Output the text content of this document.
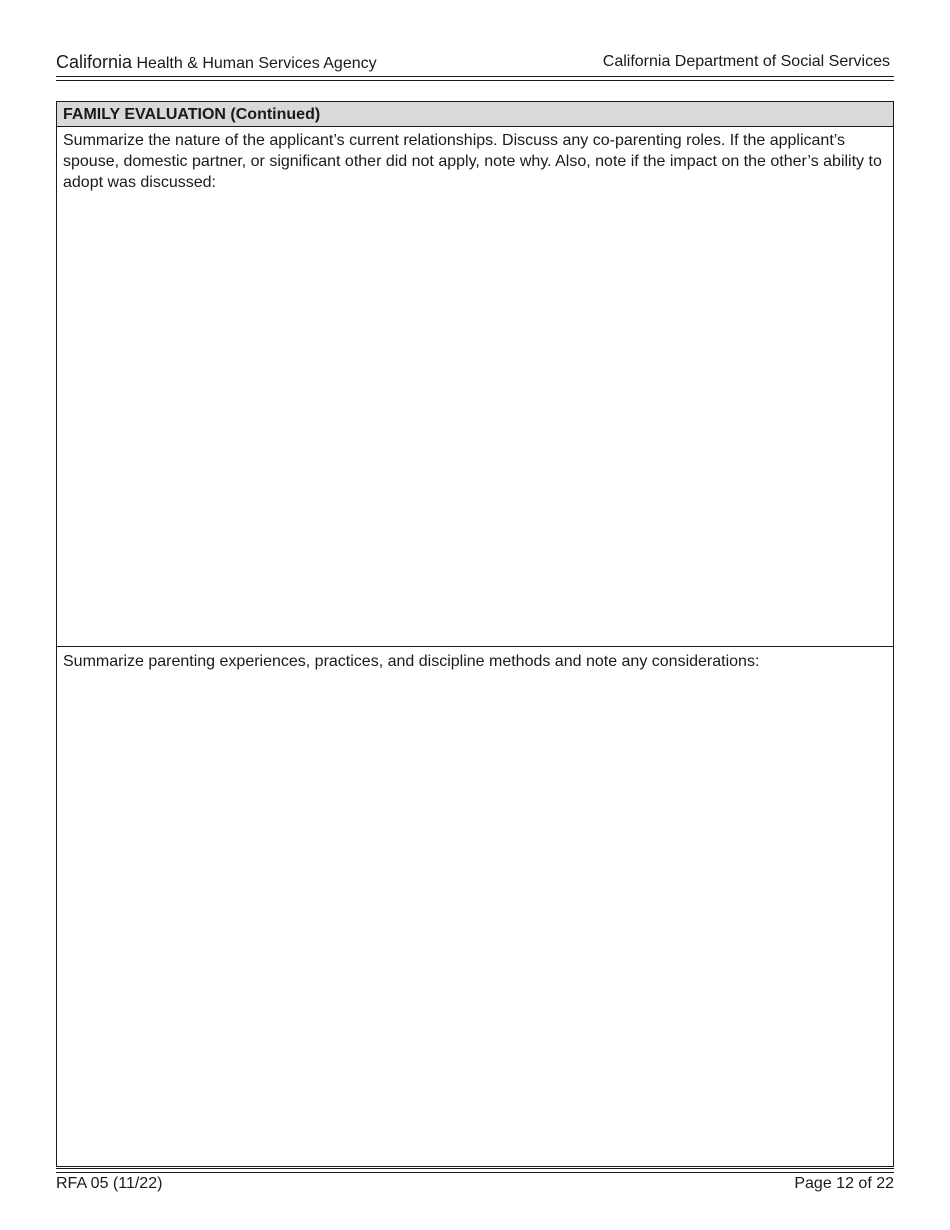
California Health & Human Services Agency	California Department of Social Services
FAMILY EVALUATION (Continued)
Summarize the nature of the applicant’s current relationships. Discuss any co-parenting roles. If the applicant’s spouse, domestic partner, or significant other did not apply, note why. Also, note if the impact on the other’s ability to adopt was discussed:
Summarize parenting experiences, practices, and discipline methods and note any considerations:
RFA 05 (11/22)	Page 12 of 22
